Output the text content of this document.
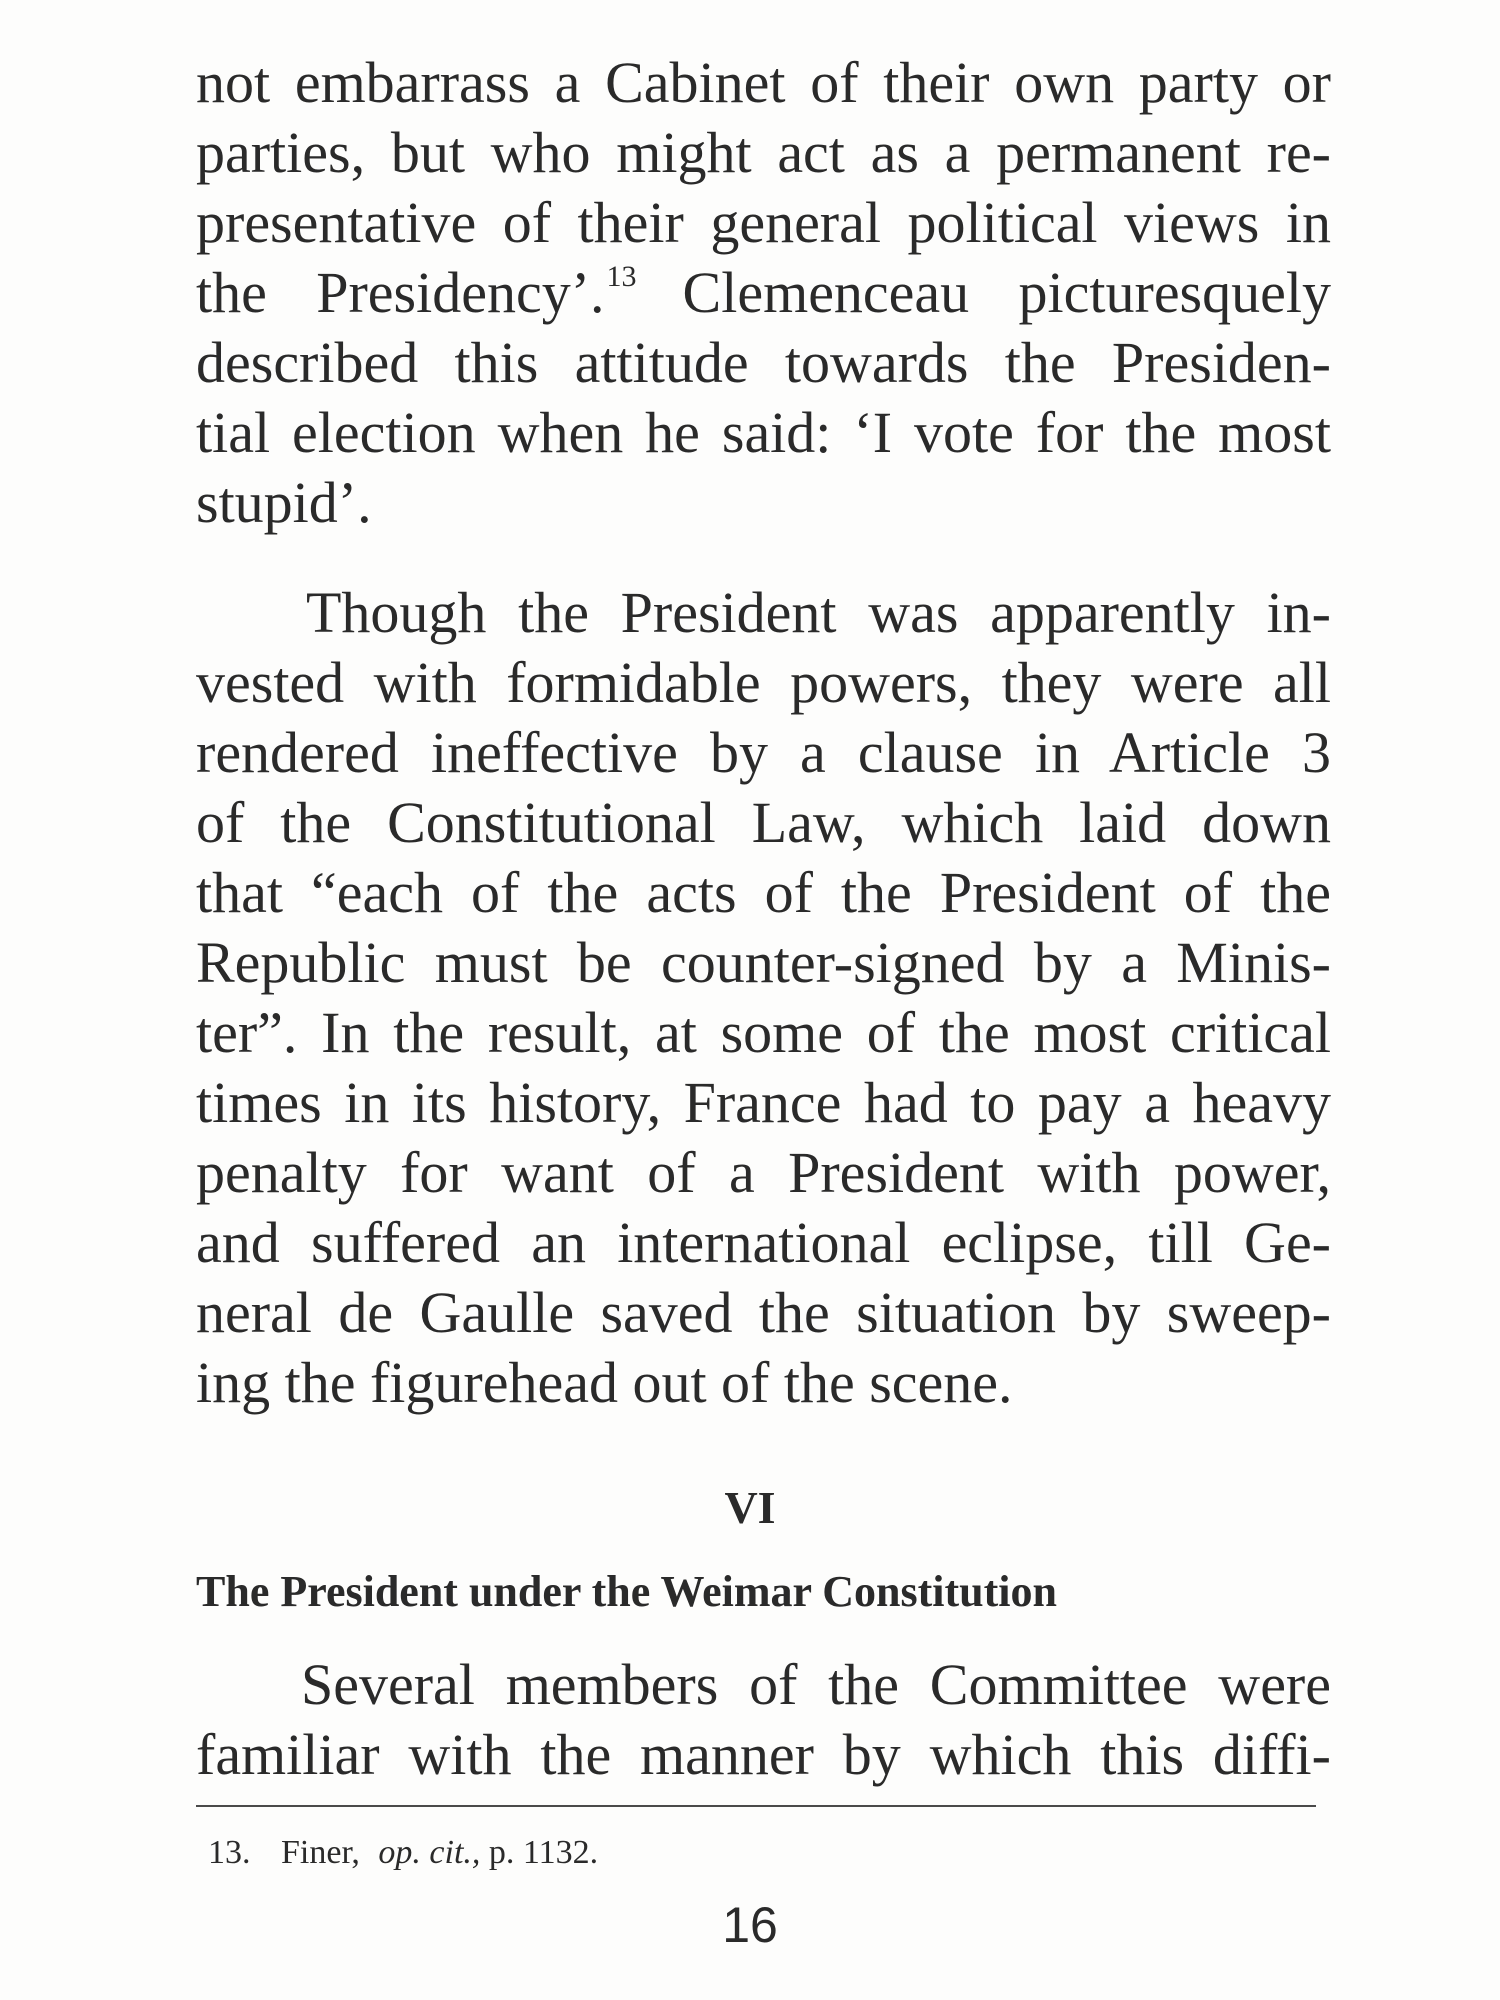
not embarrass a Cabinet of their own party or
parties, but who might act as a permanent re-
presentative of their general political views in
the Presidency’.$^{13}$ Clemenceau picturesquely
described this attitude towards the Presiden-
tial election when he said: ‘I vote for the most
stupid’.
Though the President was apparently in-
vested with formidable powers, they were all
rendered ineffective by a clause in Article 3
of the Constitutional Law, which laid down
that “each of the acts of the President of the
Republic must be counter-signed by a Minis-
ter”. In the result, at some of the most critical
times in its history, France had to pay a heavy
penalty for want of a President with power,
and suffered an international eclipse, till Ge-
neral de Gaulle saved the situation by sweep-
ing the figurehead out of the scene.
Several members of the Committee were
familiar with the manner by which this diffi-
VI
The President under the Weimar Constitution
13. Finer, op. cit., p. 1132.
16
